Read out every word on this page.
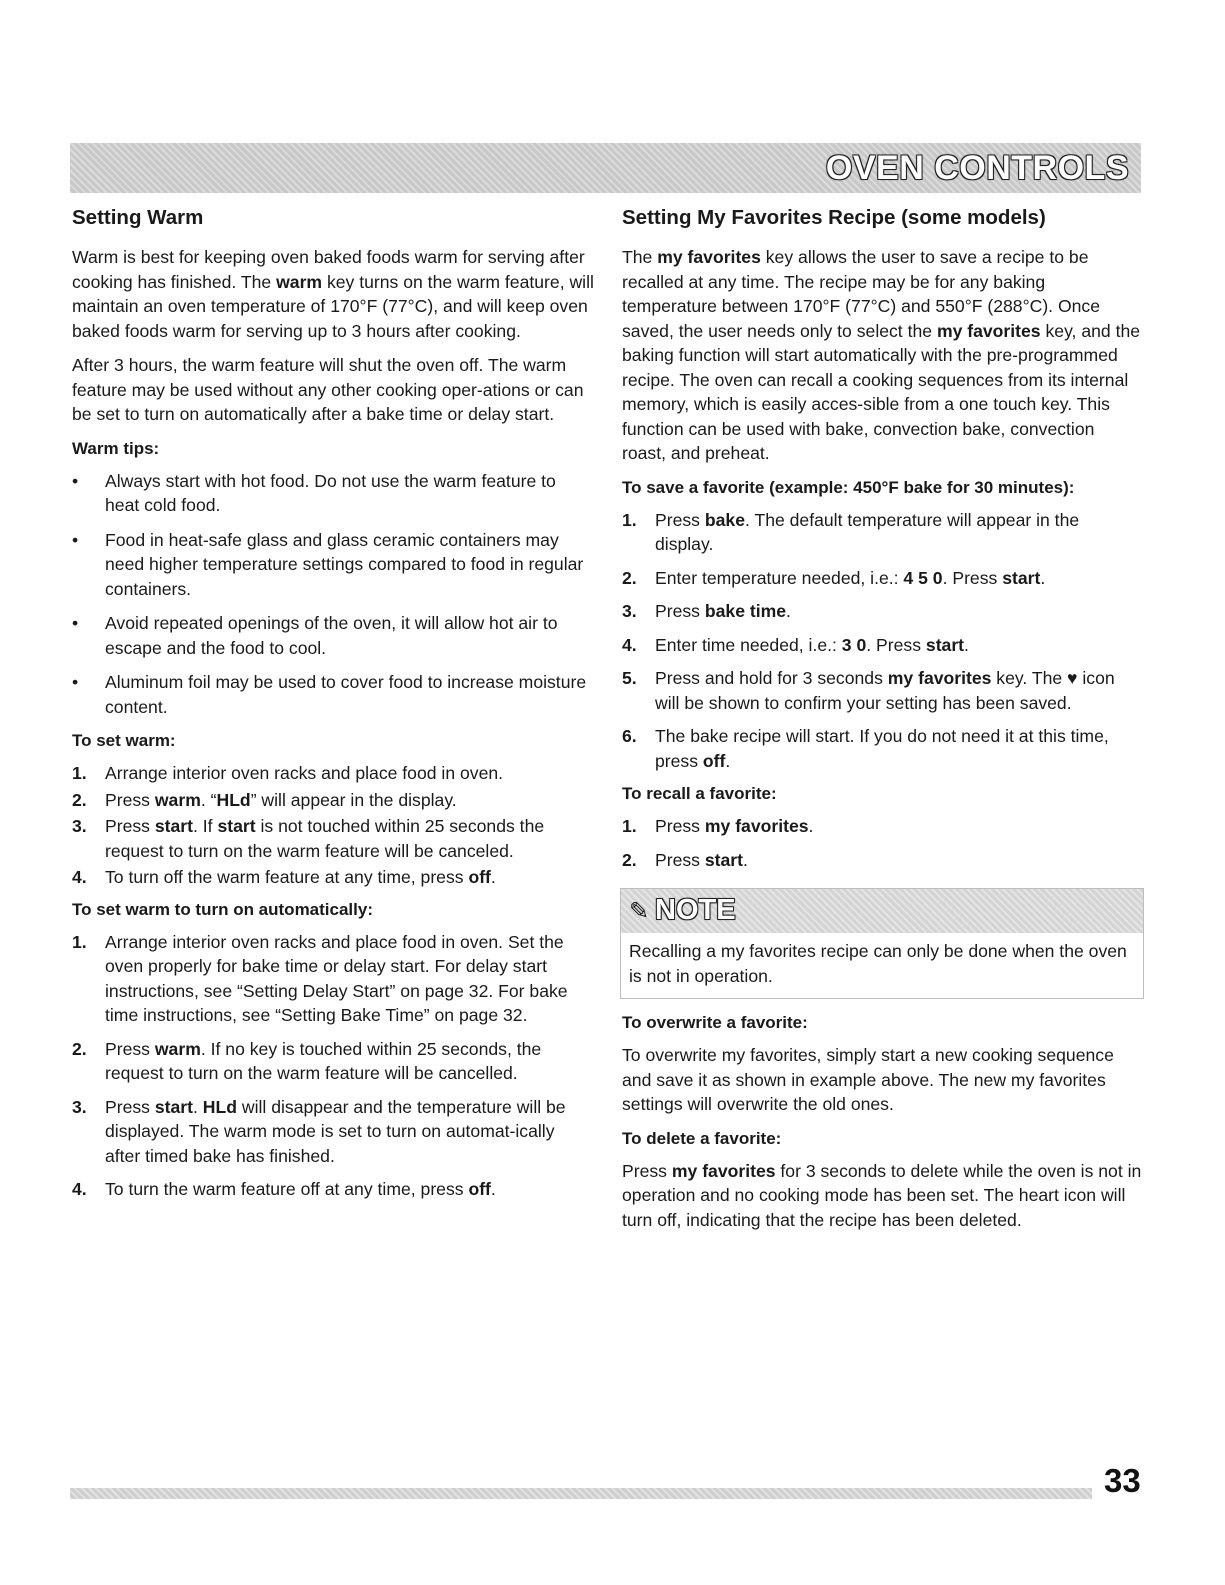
OVEN CONTROLS
Setting Warm

Warm is best for keeping oven baked foods warm for serving after cooking has finished. The warm key turns on the warm feature, will maintain an oven temperature of 170°F (77°C), and will keep oven baked foods warm for serving up to 3 hours after cooking.

After 3 hours, the warm feature will shut the oven off. The warm feature may be used without any other cooking oper-ations or can be set to turn on automatically after a bake time or delay start.

Warm tips:
• Always start with hot food. Do not use the warm feature to heat cold food.
• Food in heat-safe glass and glass ceramic containers may need higher temperature settings compared to food in regular containers.
• Avoid repeated openings of the oven, it will allow hot air to escape and the food to cool.
• Aluminum foil may be used to cover food to increase moisture content.
To set warm:
1. Arrange interior oven racks and place food in oven.
2. Press warm. “HLd” will appear in the display.
3. Press start. If start is not touched within 25 seconds the request to turn on the warm feature will be canceled.
4. To turn off the warm feature at any time, press off.
To set warm to turn on automatically:
1. Arrange interior oven racks and place food in oven. Set the oven properly for bake time or delay start. For delay start instructions, see “Setting Delay Start” on page 32. For bake time instructions, see “Setting Bake Time” on page 32.
2. Press warm. If no key is touched within 25 seconds, the request to turn on the warm feature will be cancelled.
3. Press start. HLd will disappear and the temperature will be displayed. The warm mode is set to turn on automat-ically after timed bake has finished.
4. To turn the warm feature off at any time, press off.
Setting My Favorites Recipe (some models)

The my favorites key allows the user to save a recipe to be recalled at any time. The recipe may be for any baking temperature between 170°F (77°C) and 550°F (288°C). Once saved, the user needs only to select the my favorites key, and the baking function will start automatically with the pre-programmed recipe. The oven can recall a cooking sequences from its internal memory, which is easily acces-sible from a one touch key. This function can be used with bake, convection bake, convection roast, and preheat.

To save a favorite (example: 450°F bake for 30 minutes):
1. Press bake. The default temperature will appear in the display.
2. Enter temperature needed, i.e.: 4 5 0. Press start.
3. Press bake time.
4. Enter time needed, i.e.: 3 0. Press start.
5. Press and hold for 3 seconds my favorites key. The ♥ icon will be shown to confirm your setting has been saved.
6. The bake recipe will start. If you do not need it at this time, press off.
To recall a favorite:
1. Press my favorites.
2. Press start.
✎ NOTE
Recalling a my favorites recipe can only be done when the oven is not in operation.
To overwrite a favorite:

To overwrite my favorites, simply start a new cooking sequence and save it as shown in example above. The new my favorites settings will overwrite the old ones.

To delete a favorite:

Press my favorites for 3 seconds to delete while the oven is not in operation and no cooking mode has been set. The heart icon will turn off, indicating that the recipe has been deleted.

33
